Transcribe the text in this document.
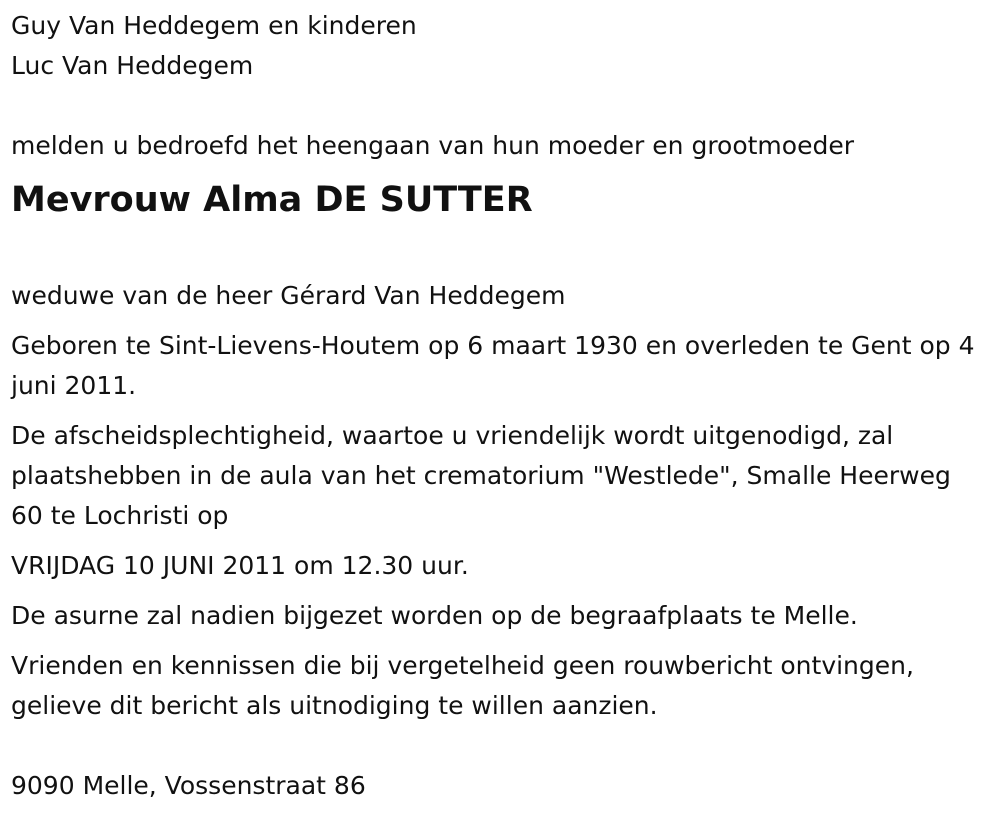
Guy Van Heddegem en kinderen

Luc Van Heddegem

melden u bedroefd het heengaan van hun moeder en grootmoeder

Mevrouw Alma DE SUTTER

weduwe van de heer Gérard Van Heddegem

Geboren te Sint-Lievens-Houtem op 6 maart 1930 en overleden te Gent op 4 juni 2011.

De afscheidsplechtigheid, waartoe u vriendelijk wordt uitgenodigd, zal plaatshebben in de aula van het crematorium "Westlede", Smalle Heerweg 60 te Lochristi op

VRIJDAG 10 JUNI 2011 om 12.30 uur.

De asurne zal nadien bijgezet worden op de begraafplaats te Melle.

Vrienden en kennissen die bij vergetelheid geen rouwbericht ontvingen, gelieve dit bericht als uitnodiging te willen aanzien.

9090 Melle, Vossenstraat 86
